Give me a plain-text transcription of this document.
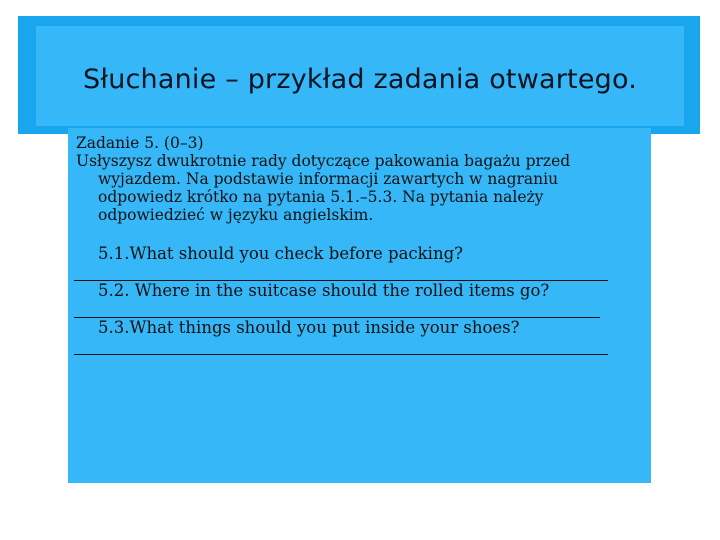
Słuchanie – przykład zadania otwartego.

Zadanie 5. (0–3)

Usłyszysz dwukrotnie rady dotyczące pakowania bagażu przed

wyjazdem. Na podstawie informacji zawartych w nagraniu

odpowiedz krótko na pytania 5.1.–5.3. Na pytania należy

odpowiedzieć w języku angielskim.

5.1.What should you check before packing?

5.2. Where in the suitcase should the rolled items go?

5.3.What things should you put inside your shoes?
